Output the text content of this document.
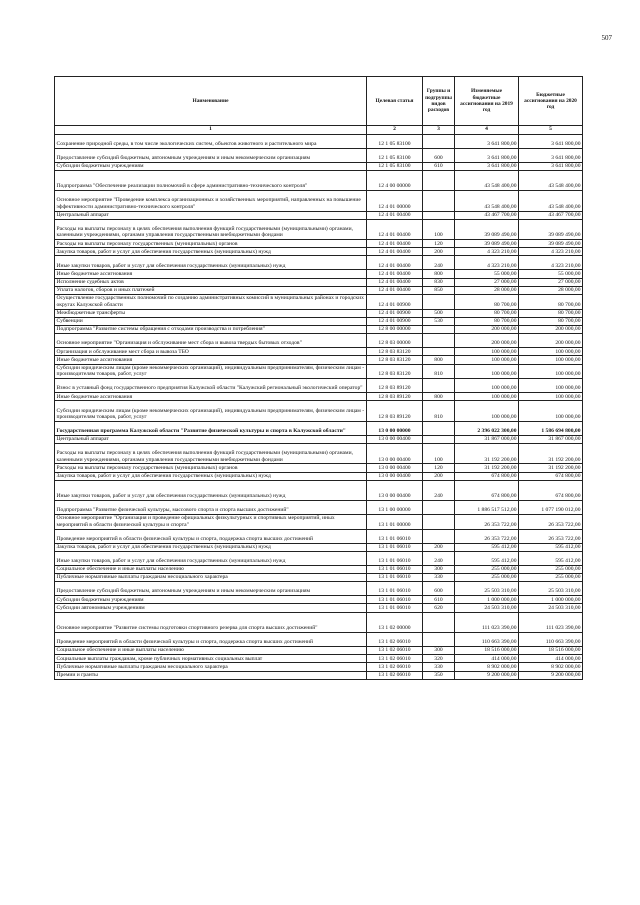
507
Наименование	Целевая статья	Группы и подгруппы видов расходов	Изменяемые бюджетные ассигнования на 2019 год	Бюджетные ассигнования на 2020 год
1	2	3	4	5
Сохранение природной среды, в том числе экологических систем, объектов животного и растительного мира	12 1 05 83100		3 641 800,00	3 641 800,00
Предоставление субсидий бюджетным, автономным учреждениям и иным некоммерческим организациям	12 1 05 83100	600	3 641 800,00	3 641 800,00
Субсидии бюджетным учреждениям	12 1 05 83100	610	3 641 800,00	3 641 800,00
Подпрограмма "Обеспечение реализации полномочий в сфере административно-технического контроля"	12 4 00 00000		43 548 400,00	43 548 400,00
Основное мероприятие "Проведение комплекса организационных и хозяйственных мероприятий, направленных на повышение эффективности административно-технического контроля"	12 4 01 00000		43 548 400,00	43 548 400,00
Центральный аппарат	12 4 01 00400		43 467 700,00	43 467 700,00
Расходы на выплаты персоналу в целях обеспечения выполнения функций государственными (муниципальными) органами, казенными учреждениями, органами управления государственными внебюджетными фондами	12 4 01 00400	100	39 089 490,00	39 089 490,00
Расходы на выплаты персоналу государственных (муниципальных) органов	12 4 01 00400	120	39 089 490,00	39 089 490,00
Закупка товаров, работ и услуг для обеспечения государственных (муниципальных) нужд	12 4 01 00400	200	4 323 210,00	4 323 210,00
Иные закупки товаров, работ и услуг для обеспечения государственных (муниципальных) нужд	12 4 01 00400	240	4 323 210,00	4 323 210,00
Иные бюджетные ассигнования	12 4 01 00400	800	55 000,00	55 000,00
Исполнение судебных актов	12 4 01 00400	830	27 000,00	27 000,00
Уплата налогов, сборов и иных платежей	12 4 01 00400	850	28 000,00	28 000,00
Осуществление государственных полномочий по созданию административных комиссий в муниципальных районах и городских округах Калужской области	12 4 01 00900		80 700,00	80 700,00
Межбюджетные трансферты	12 4 01 00900	500	80 700,00	80 700,00
Субвенции	12 4 01 00900	530	80 700,00	80 700,00
Подпрограмма "Развитие системы обращения с отходами производства и потребления"	12 8 00 00000		200 000,00	200 000,00
Основное мероприятие "Организация и обслуживание мест сбора и вывоза твердых бытовых отходов"	12 8 03 00000		200 000,00	200 000,00
Организация и обслуживание мест сбора и вывоза ТБО	12 8 03 83120		100 000,00	100 000,00
Иные бюджетные ассигнования	12 8 03 83120	800	100 000,00	100 000,00
Субсидии юридическим лицам (кроме некоммерческих организаций), индивидуальным предпринимателям, физическим лицам - производителям товаров, работ, услуг	12 8 03 83120	810	100 000,00	100 000,00
Взнос в уставный фонд государственного предприятия Калужской области "Калужский региональный экологический оператор"	12 8 03 89120		100 000,00	100 000,00
Иные бюджетные ассигнования	12 8 03 89120	800	100 000,00	100 000,00
Субсидии юридическим лицам (кроме некоммерческих организаций), индивидуальным предпринимателям, физическим лицам - производителям товаров, работ, услуг	12 8 03 89120	810	100 000,00	100 000,00
Государственная программа Калужской области "Развитие физической культуры и спорта в Калужской области"	13 0 00 00000		2 396 022 300,00	1 586 694 800,00
Центральный аппарат	13 0 00 00400		31 867 000,00	31 867 000,00
Расходы на выплаты персоналу в целях обеспечения выполнения функций государственными (муниципальными) органами, казенными учреждениями, органами управления государственными внебюджетными фондами	13 0 00 00400	100	31 192 200,00	31 192 200,00
Расходы на выплаты персоналу государственных (муниципальных) органов	13 0 00 00400	120	31 192 200,00	31 192 200,00
Закупка товаров, работ и услуг для обеспечения государственных (муниципальных) нужд	13 0 00 00400	200	674 800,00	674 800,00
Иные закупки товаров, работ и услуг для обеспечения государственных (муниципальных) нужд	13 0 00 00400	240	674 800,00	674 800,00
Подпрограмма "Развитие физической культуры, массового спорта и спорта высших достижений"	13 1 00 00000		1 886 517 512,00	1 077 190 012,00
Основное мероприятие "Организация и проведение официальных физкультурных и спортивных мероприятий, иных мероприятий в области физической культуры и спорта"	13 1 01 00000		26 353 722,00	26 353 722,00
Проведение мероприятий в области физической культуры и спорта, поддержка спорта высших достижений	13 1 01 06010		26 353 722,00	26 353 722,00
Закупка товаров, работ и услуг для обеспечения государственных (муниципальных) нужд	13 1 01 06010	200	595 412,00	595 412,00
Иные закупки товаров, работ и услуг для обеспечения государственных (муниципальных) нужд	13 1 01 06010	240	595 412,00	595 412,00
Социальное обеспечение и иные выплаты населению	13 1 01 06010	300	255 000,00	255 000,00
Публичные нормативные выплаты гражданам несоциального характера	13 1 01 06010	330	255 000,00	255 000,00
Предоставление субсидий бюджетным, автономным учреждениям и иным некоммерческим организациям	13 1 01 06010	600	25 503 310,00	25 503 310,00
Субсидии бюджетным учреждениям	13 1 01 06010	610	1 000 000,00	1 000 000,00
Субсидии автономным учреждениям	13 1 01 06010	620	24 503 310,00	24 503 310,00
Основное мероприятие "Развитие системы подготовки спортивного резерва для спорта высших достижений"	13 1 02 00000		111 023 390,00	111 023 390,00
Проведение мероприятий в области физической культуры и спорта, поддержка спорта высших достижений	13 1 02 06010		110 663 390,00	110 663 390,00
Социальное обеспечение и иные выплаты населению	13 1 02 06010	300	18 516 000,00	18 516 000,00
Социальные выплаты гражданам, кроме публичных нормативных социальных выплат	13 1 02 06010	320	414 000,00	414 000,00
Публичные нормативные выплаты гражданам несоциального характера	13 1 02 06010	330	8 902 000,00	8 902 000,00
Премии и гранты	13 1 02 06010	350	9 200 000,00	9 200 000,00
